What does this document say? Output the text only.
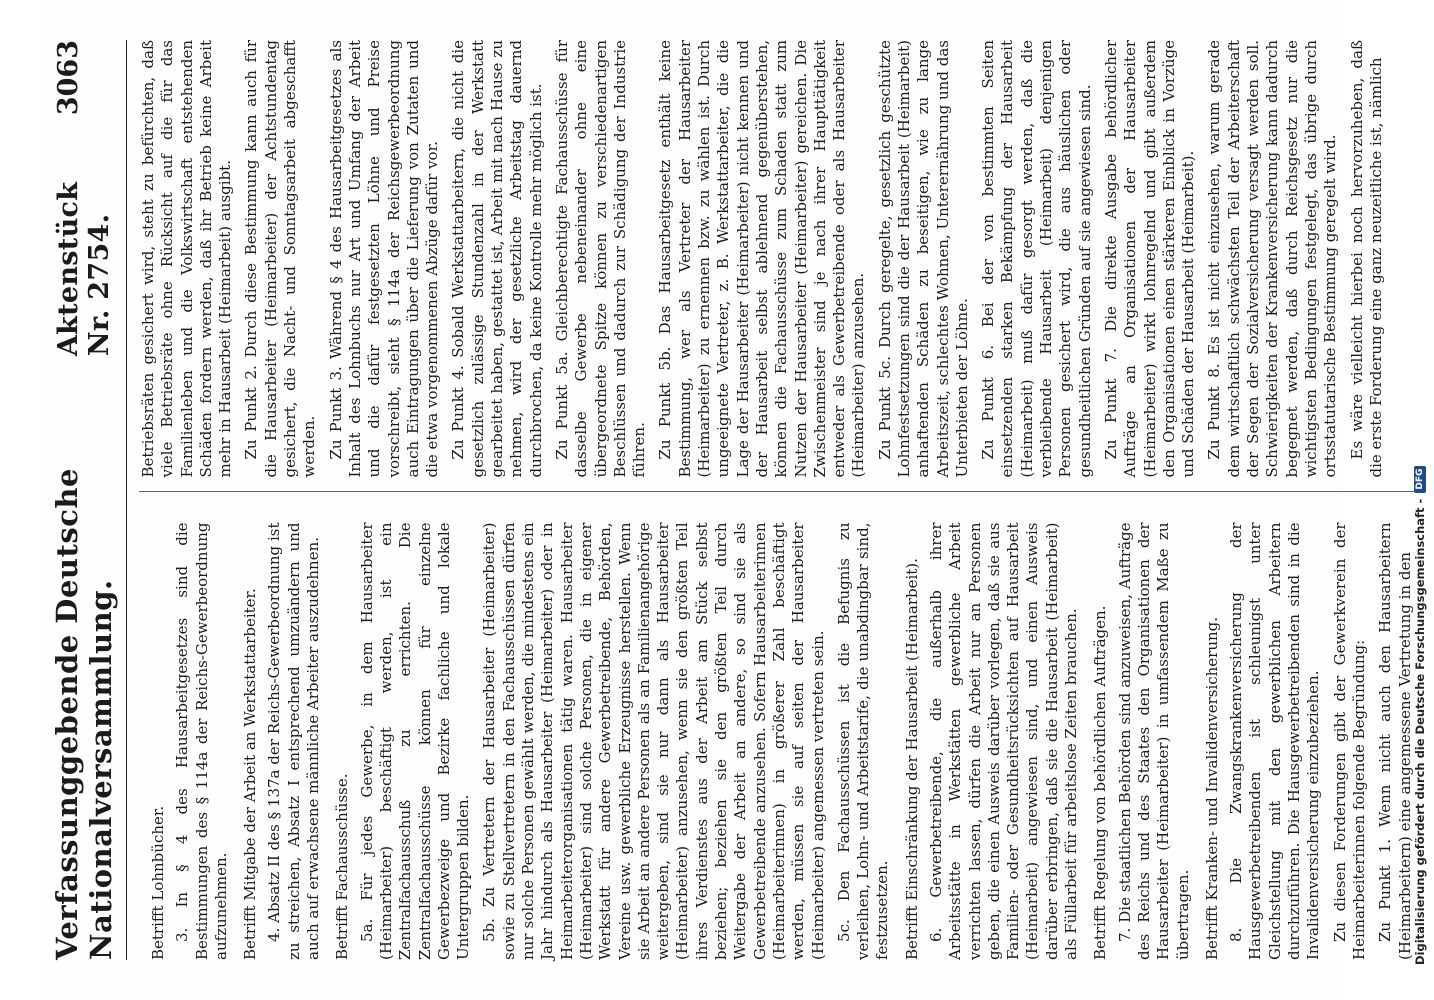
Verfassunggebende Deutsche Nationalversammlung.
Aktenstück Nr. 2754.
3063

Betrifft Lohnbücher. 3. In § 4 des Hausarbeitgesetzes sind die Bestimmungen des § 114a der Reichs-Gewerbeordnung aufzunehmen. Betrifft Mitgabe der Arbeit an Werkstattarbeiter. 4. Absatz II des § 137a der Reichs-Gewerbeordnung ist zu streichen, Absatz I entsprechend umzuändern und auch auf erwachsene männliche Arbeiter auszudehnen. Betrifft Fachausschüsse. 5a. Für jedes Gewerbe, in dem Hausarbeiter (Heimarbeiter) beschäftigt werden, ist ein Zentralfachausschuß zu errichten. Die Zentralfachausschüsse können für einzelne Gewerbezweige und Bezirke fachliche und lokale Untergruppen bilden. 5b. Zu Vertretern der Hausarbeiter (Heimarbeiter) sowie zu Stellvertretern in den Fachausschüssen dürfen nur solche Personen gewählt werden, die mindestens ein Jahr hindurch als Hausarbeiter (Heimarbeiter) oder in Heimarbeiterorganisationen tätig waren. Hausarbeiter (Heimarbeiter) sind solche Personen, die in eigener Werkstatt für andere Gewerbetreibende, Behörden, Vereine usw. gewerbliche Erzeugnisse herstellen. Wenn sie Arbeit an andere Personen als an Familienangehörige weitergeben, sind sie nur dann als Hausarbeiter (Heimarbeiter) anzusehen, wenn sie den größten Teil ihres Verdienstes aus der Arbeit am Stück selbst beziehen; beziehen sie den größten Teil durch Weitergabe der Arbeit an andere, so sind sie als Gewerbetreibende anzusehen. Sofern Hausarbeiterinnen (Heimarbeiterinnen) in größerer Zahl beschäftigt werden, müssen sie auf seiten der Hausarbeiter (Heimarbeiter) angemessen vertreten sein. 5c. Den Fachausschüssen ist die Befugnis zu verleihen, Lohn- und Arbeitstarife, die unabdingbar sind, festzusetzen. Betrifft Einschränkung der Hausarbeit (Heimarbeit). 6. Gewerbetreibende, die außerhalb ihrer Arbeitsstätte in Werkstätten gewerbliche Arbeit verrichten lassen, dürfen die Arbeit nur an Personen geben, die einen Ausweis darüber vorlegen, daß sie aus Familien- oder Gesundheitsrücksichten auf Hausarbeit (Heimarbeit) angewiesen sind, und einen Ausweis darüber erbringen, daß sie die Hausarbeit (Heimarbeit) als Füllarbeit für arbeitslose Zeiten brauchen. Betrifft Regelung von behördlichen Aufträgen. 7. Die staatlichen Behörden sind anzuweisen, Aufträge des Reichs und des Staates den Organisationen der Hausarbeiter (Heimarbeiter) in umfassendem Maße zu übertragen. Betrifft Kranken- und Invalidenversicherung. 8. Die Zwangskrankenversicherung der Hausgewerbetreibenden ist schleunigst unter Gleichstellung mit den gewerblichen Arbeitern durchzuführen. Die Hausgewerbetreibenden sind in die Invalidenversicherung einzubeziehen. Zu diesen Forderungen gibt der Gewerkverein der Heimarbeiterinnen folgende Begründung: Zu Punkt 1. Wenn nicht auch den Hausarbeitern (Heimarbeitern) eine angemessene Vertretung in den

Betriebsräten gesichert wird, steht zu befürchten, daß viele Betriebsräte ohne Rücksicht auf die für das Familienleben und die Volkswirtschaft entstehenden Schäden fordern werden, daß ihr Betrieb keine Arbeit mehr in Hausarbeit (Heimarbeit) ausgibt. Zu Punkt 2. Durch diese Bestimmung kann auch für die Hausarbeiter (Heimarbeiter) der Achtstundentag gesichert, die Nacht- und Sonntagsarbeit abgeschafft werden. Zu Punkt 3. Während § 4 des Hausarbeitgesetzes als Inhalt des Lohnbuchs nur Art und Umfang der Arbeit und die dafür festgesetzten Löhne und Preise vorschreibt, sieht § 114a der Reichsgewerbeordnung auch Eintragungen über die Lieferung von Zutaten und die etwa vorgenommenen Abzüge dafür vor. Zu Punkt 4. Sobald Werkstattarbeitern, die nicht die gesetzlich zulässige Stundenzahl in der Werkstatt gearbeitet haben, gestattet ist, Arbeit mit nach Hause zu nehmen, wird der gesetzliche Arbeitstag dauernd durchbrochen, da keine Kontrolle mehr möglich ist. Zu Punkt 5a. Gleichberechtigte Fachausschüsse für dasselbe Gewerbe nebeneinander ohne eine übergeordnete Spitze können zu verschiedenartigen Beschlüssen und dadurch zur Schädigung der Industrie führen. Zu Punkt 5b. Das Hausarbeitgesetz enthält keine Bestimmung, wer als Vertreter der Hausarbeiter (Heimarbeiter) zu ernennen bzw. zu wählen ist. Durch ungeeignete Vertreter, z. B. Werkstattarbeiter, die die Lage der Hausarbeiter (Heimarbeiter) nicht kennen und der Hausarbeit selbst ablehnend gegenüberstehen, können die Fachausschüsse zum Schaden statt zum Nutzen der Hausarbeiter (Heimarbeiter) gereichen. Die Zwischenmeister sind je nach ihrer Haupttätigkeit entweder als Gewerbetreibende oder als Hausarbeiter (Heimarbeiter) anzusehen. Zu Punkt 5c. Durch geregelte, gesetzlich geschützte Lohnfestsetzungen sind die der Hausarbeit (Heimarbeit) anhaftenden Schäden zu beseitigen, wie zu lange Arbeitszeit, schlechtes Wohnen, Unterernährung und das Unterbieten der Löhne. Zu Punkt 6. Bei der von bestimmten Seiten einsetzenden starken Bekämpfung der Hausarbeit (Heimarbeit) muß dafür gesorgt werden, daß die verbleibende Hausarbeit (Heimarbeit) denjenigen Personen gesichert wird, die aus häuslichen oder gesundheitlichen Gründen auf sie angewiesen sind. Zu Punkt 7. Die direkte Ausgabe behördlicher Aufträge an Organisationen der Hausarbeiter (Heimarbeiter) wirkt lohnregelnd und gibt außerdem den Organisationen einen stärkeren Einblick in Vorzüge und Schäden der Hausarbeit (Heimarbeit). Zu Punkt 8. Es ist nicht einzusehen, warum gerade dem wirtschaftlich schwächsten Teil der Arbeiterschaft der Segen der Sozialversicherung versagt werden soll. Schwierigkeiten der Krankenversicherung kann dadurch begegnet werden, daß durch Reichsgesetz nur die wichtigsten Bedingungen festgelegt, das übrige durch ortsstatutarische Bestimmung geregelt wird. Es wäre vielleicht hierbei noch hervorzuheben, daß die erste Forderung eine ganz neuzeitliche ist, nämlich

Digitalisierung gefördert durch die Deutsche Forschungsgemeinschaft -
DFG
